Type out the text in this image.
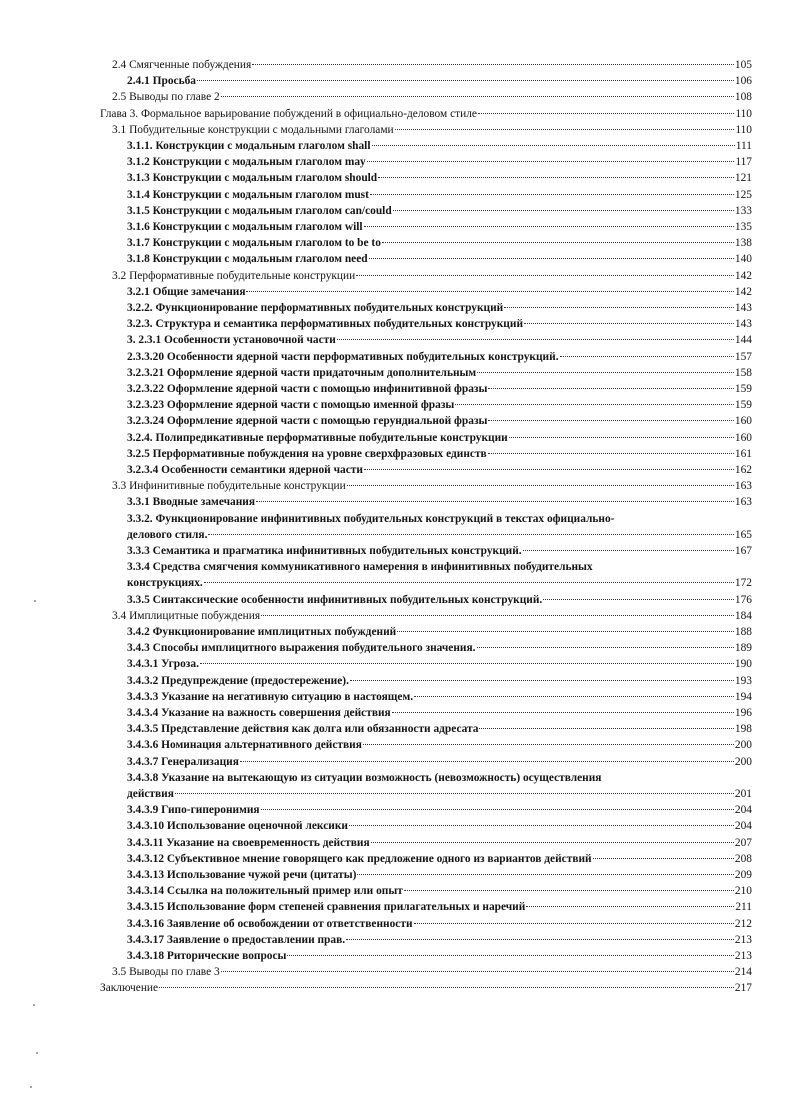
2.4 Смягченные побуждения	105
2.4.1 Просьба	106
2.5 Выводы по главе 2	108
Глава 3. Формальное варьирование побуждений в официально-деловом стиле	110
3.1 Побудительные конструкции с модальными глаголами	110
3.1.1. Конструкции с модальным глаголом shall	111
3.1.2 Конструкции с модальным глаголом may	117
3.1.3 Конструкции с модальным глаголом should	121
3.1.4 Конструкции с модальным глаголом must	125
3.1.5 Конструкции с модальным глаголом can/could	133
3.1.6 Конструкции с модальным глаголом will	135
3.1.7 Конструкции с модальным глаголом to be to	138
3.1.8 Конструкции с модальным глаголом need	140
3.2 Перформативные побудительные конструкции	142
3.2.1 Общие замечания	142
3.2.2. Функционирование перформативных побудительных конструкций	143
3.2.3. Структура и семантика перформативных побудительных конструкций	143
3. 2.3.1 Особенности установочной части	144
2.3.3.20 Особенности ядерной части перформативных побудительных конструкций.	157
3.2.3.21 Оформление ядерной части придаточным дополнительным	158
3.2.3.22 Оформление ядерной части с помощью инфинитивной фразы	159
3.2.3.23 Оформление ядерной части с помощью именной фразы	159
3.2.3.24 Оформление ядерной части с помощью герундиальной фразы	160
3.2.4. Полипредикативные перформативные побудительные конструкции	160
3.2.5 Перформативные побуждения на уровне сверхфразовых единств	161
3.2.3.4 Особенности семантики ядерной части	162
3.3 Инфинитивные побудительные конструкции	163
3.3.1 Вводные замечания	163
3.3.2. Функционирование инфинитивных побудительных конструкций в текстах официально-
делового стиля.	165
3.3.3 Семантика и прагматика инфинитивных побудительных конструкций.	167
3.3.4 Средства смягчения коммуникативного намерения в инфинитивных побудительных
конструкциях.	172
3.3.5 Синтаксические особенности инфинитивных побудительных конструкций.	176
3.4 Имплицитные побуждения	184
3.4.2 Функционирование имплицитных побуждений	188
3.4.3 Способы имплицитного выражения побудительного значения.	189
3.4.3.1 Угроза.	190
3.4.3.2 Предупреждение (предостережение).	193
3.4.3.3 Указание на негативную ситуацию в настоящем.	194
3.4.3.4 Указание на важность совершения действия	196
3.4.3.5 Представление действия как долга или обязанности адресата	198
3.4.3.6 Номинация альтернативного действия	200
3.4.3.7 Генерализация	200
3.4.3.8 Указание на вытекающую из ситуации возможность (невозможность) осуществления
действия	201
3.4.3.9 Гипо-гиперонимия	204
3.4.3.10 Использование оценочной лексики	204
3.4.3.11 Указание на своевременность действия	207
3.4.3.12 Субъективное мнение говорящего как предложение одного из вариантов действий	208
3.4.3.13 Использование чужой речи (цитаты)	209
3.4.3.14 Ссылка на положительный пример или опыт	210
3.4.3.15 Использование форм степеней сравнения прилагательных и наречий	211
3.4.3.16 Заявление об освобождении от ответственности	212
3.4.3.17 Заявление о предоставлении прав.	213
3.4.3.18 Риторические вопросы	213
3.5 Выводы по главе 3	214
Заключение	217
